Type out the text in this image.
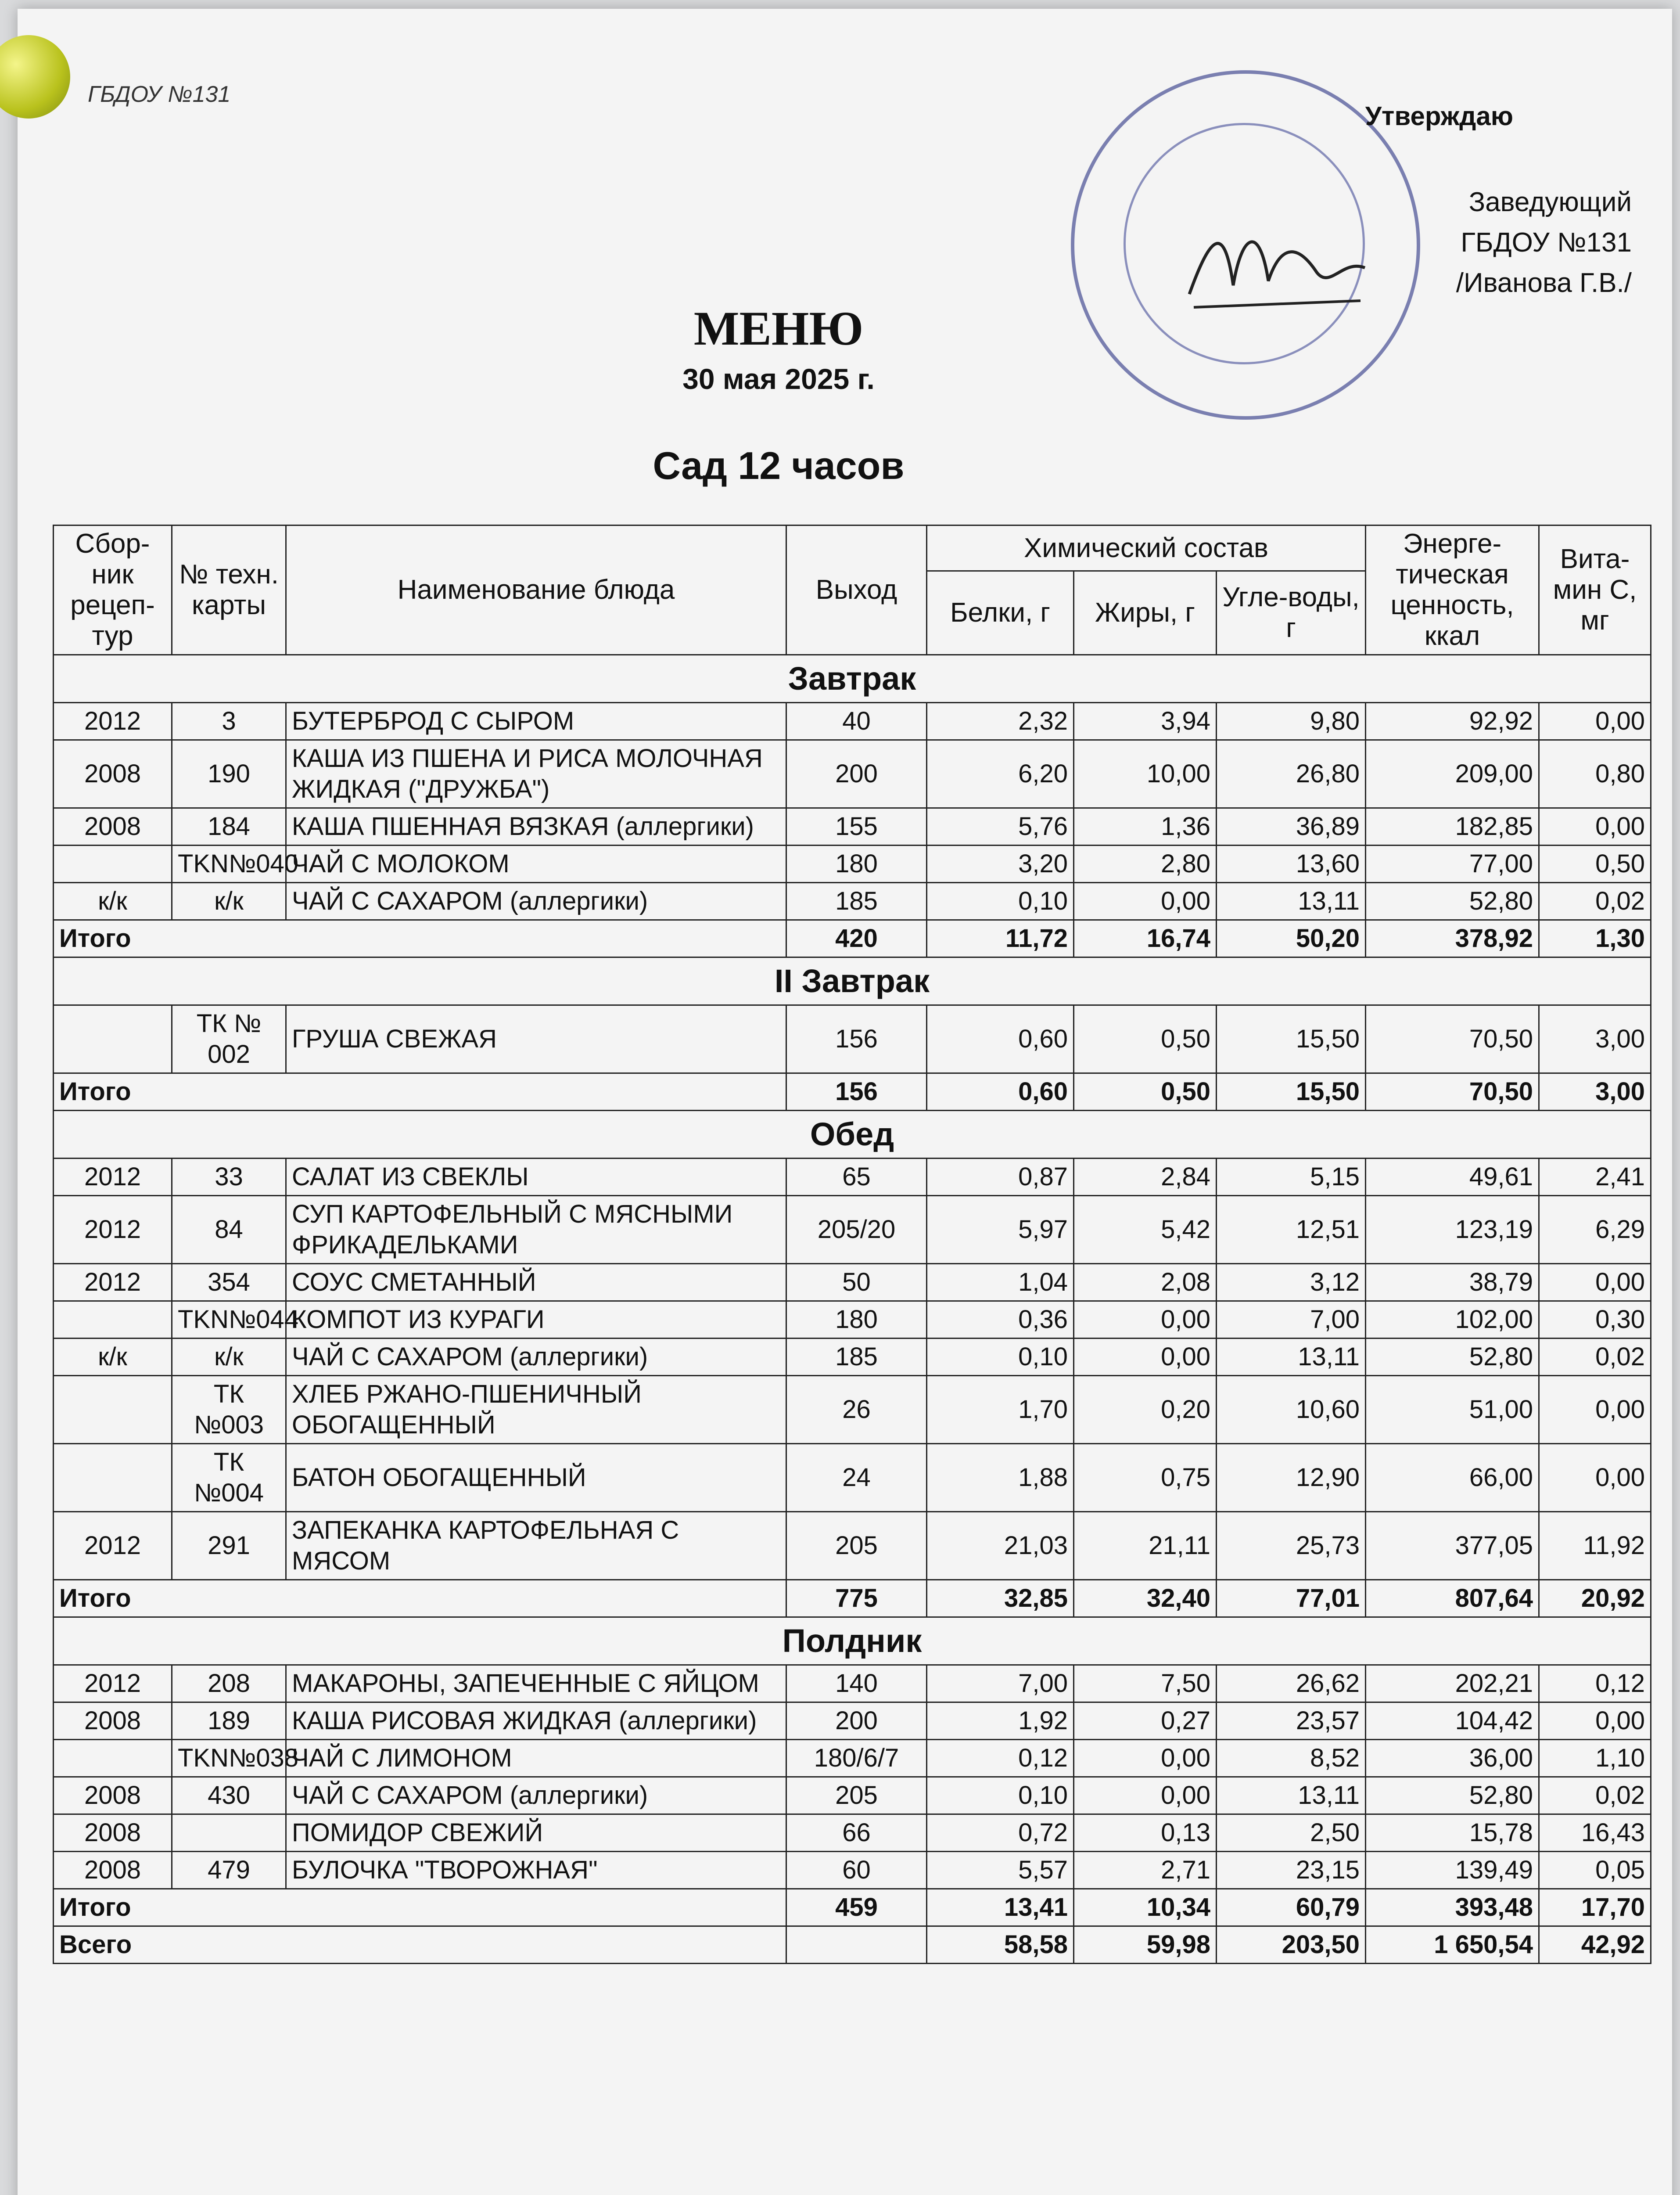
ГБДОУ №131
Утверждаю
Заведующий
ГБДОУ №131
/Иванова Г.В./
МЕНЮ
30 мая 2025 г.
Сад 12 часов
Сбор-ник рецеп-тур	№ техн. карты	Наименование блюда	Выход	Химический состав			Энерге-тическая ценность, ккал	Вита-мин С, мг
				Белки, г	Жиры, г	Угле-воды, г		
Завтрак								
2012	3	БУТЕРБРОД С СЫРОМ	40	2,32	3,94	9,80	92,92	0,00
2008	190	КАША ИЗ ПШЕНА И РИСА МОЛОЧНАЯ ЖИДКАЯ ("ДРУЖБА")	200	6,20	10,00	26,80	209,00	0,80
2008	184	КАША ПШЕННАЯ ВЯЗКАЯ (аллергики)	155	5,76	1,36	36,89	182,85	0,00
	TKN№040	ЧАЙ С МОЛОКОМ	180	3,20	2,80	13,60	77,00	0,50
к/к	к/к	ЧАЙ С САХАРОМ (аллергики)	185	0,10	0,00	13,11	52,80	0,02
Итого			420	11,72	16,74	50,20	378,92	1,30
II Завтрак								
	ТК № 002	ГРУША СВЕЖАЯ	156	0,60	0,50	15,50	70,50	3,00
Итого			156	0,60	0,50	15,50	70,50	3,00
Обед								
2012	33	САЛАТ ИЗ СВЕКЛЫ	65	0,87	2,84	5,15	49,61	2,41
2012	84	СУП КАРТОФЕЛЬНЫЙ С МЯСНЫМИ ФРИКАДЕЛЬКАМИ	205/20	5,97	5,42	12,51	123,19	6,29
2012	354	СОУС СМЕТАННЫЙ	50	1,04	2,08	3,12	38,79	0,00
	TKN№044	КОМПОТ ИЗ КУРАГИ	180	0,36	0,00	7,00	102,00	0,30
к/к	к/к	ЧАЙ С САХАРОМ (аллергики)	185	0,10	0,00	13,11	52,80	0,02
	ТК №003	ХЛЕБ РЖАНО-ПШЕНИЧНЫЙ ОБОГАЩЕННЫЙ	26	1,70	0,20	10,60	51,00	0,00
	ТК №004	БАТОН ОБОГАЩЕННЫЙ	24	1,88	0,75	12,90	66,00	0,00
2012	291	ЗАПЕКАНКА КАРТОФЕЛЬНАЯ С МЯСОМ	205	21,03	21,11	25,73	377,05	11,92
Итого			775	32,85	32,40	77,01	807,64	20,92
Полдник								
2012	208	МАКАРОНЫ, ЗАПЕЧЕННЫЕ С ЯЙЦОМ	140	7,00	7,50	26,62	202,21	0,12
2008	189	КАША РИСОВАЯ ЖИДКАЯ (аллергики)	200	1,92	0,27	23,57	104,42	0,00
	TKN№038	ЧАЙ С ЛИМОНОМ	180/6/7	0,12	0,00	8,52	36,00	1,10
2008	430	ЧАЙ С САХАРОМ (аллергики)	205	0,10	0,00	13,11	52,80	0,02
2008		ПОМИДОР СВЕЖИЙ	66	0,72	0,13	2,50	15,78	16,43
2008	479	БУЛОЧКА "ТВОРОЖНАЯ"	60	5,57	2,71	23,15	139,49	0,05
Итого			459	13,41	10,34	60,79	393,48	17,70
Всего				58,58	59,98	203,50	1 650,54	42,92
